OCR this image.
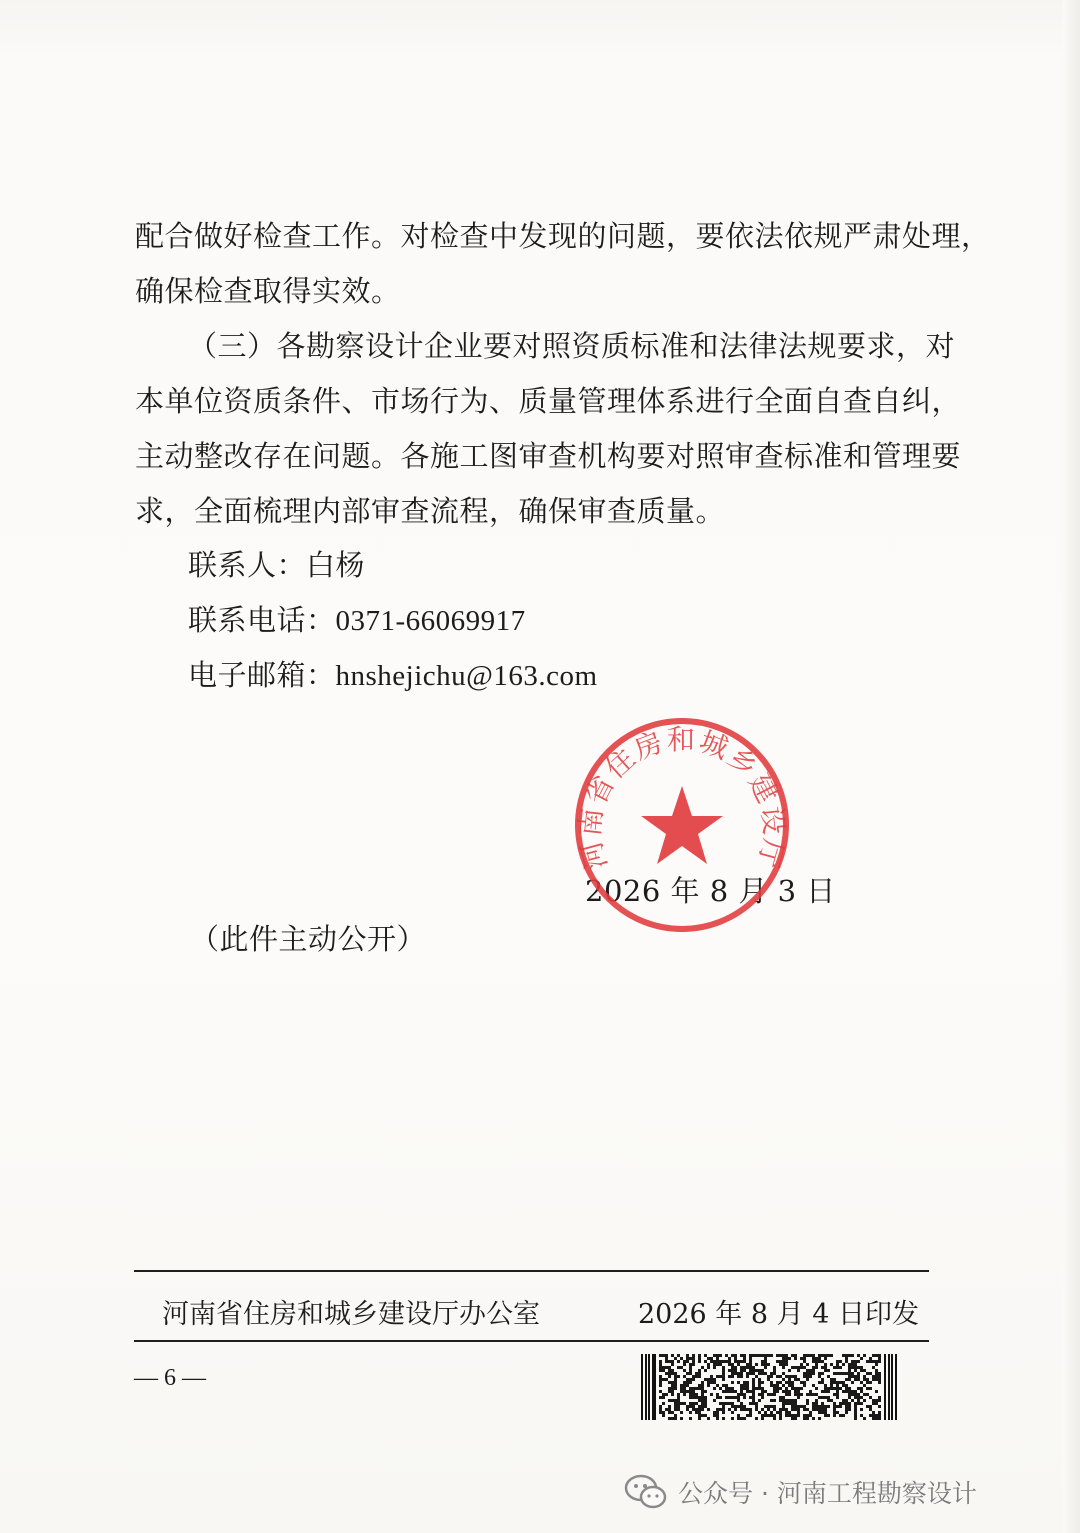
配合做好检查工作。对检查中发现的问题，要依法依规严肃处理，
确保检查取得实效。
（三）各勘察设计企业要对照资质标准和法律法规要求，对
本单位资质条件、市场行为、质量管理体系进行全面自查自纠，
主动整改存在问题。各施工图审查机构要对照审查标准和管理要
求，全面梳理内部审查流程，确保审查质量。
联系人：白杨
联系电话：0371-66069917
电子邮箱：hnshejichu@163.com
2026 年 8 月 3 日
河南省住房和城乡建设厅
（此件主动公开）
河南省住房和城乡建设厅办公室	2026 年 8 月 4 日印发
— 6 —
公众号 · 河南工程勘察设计
